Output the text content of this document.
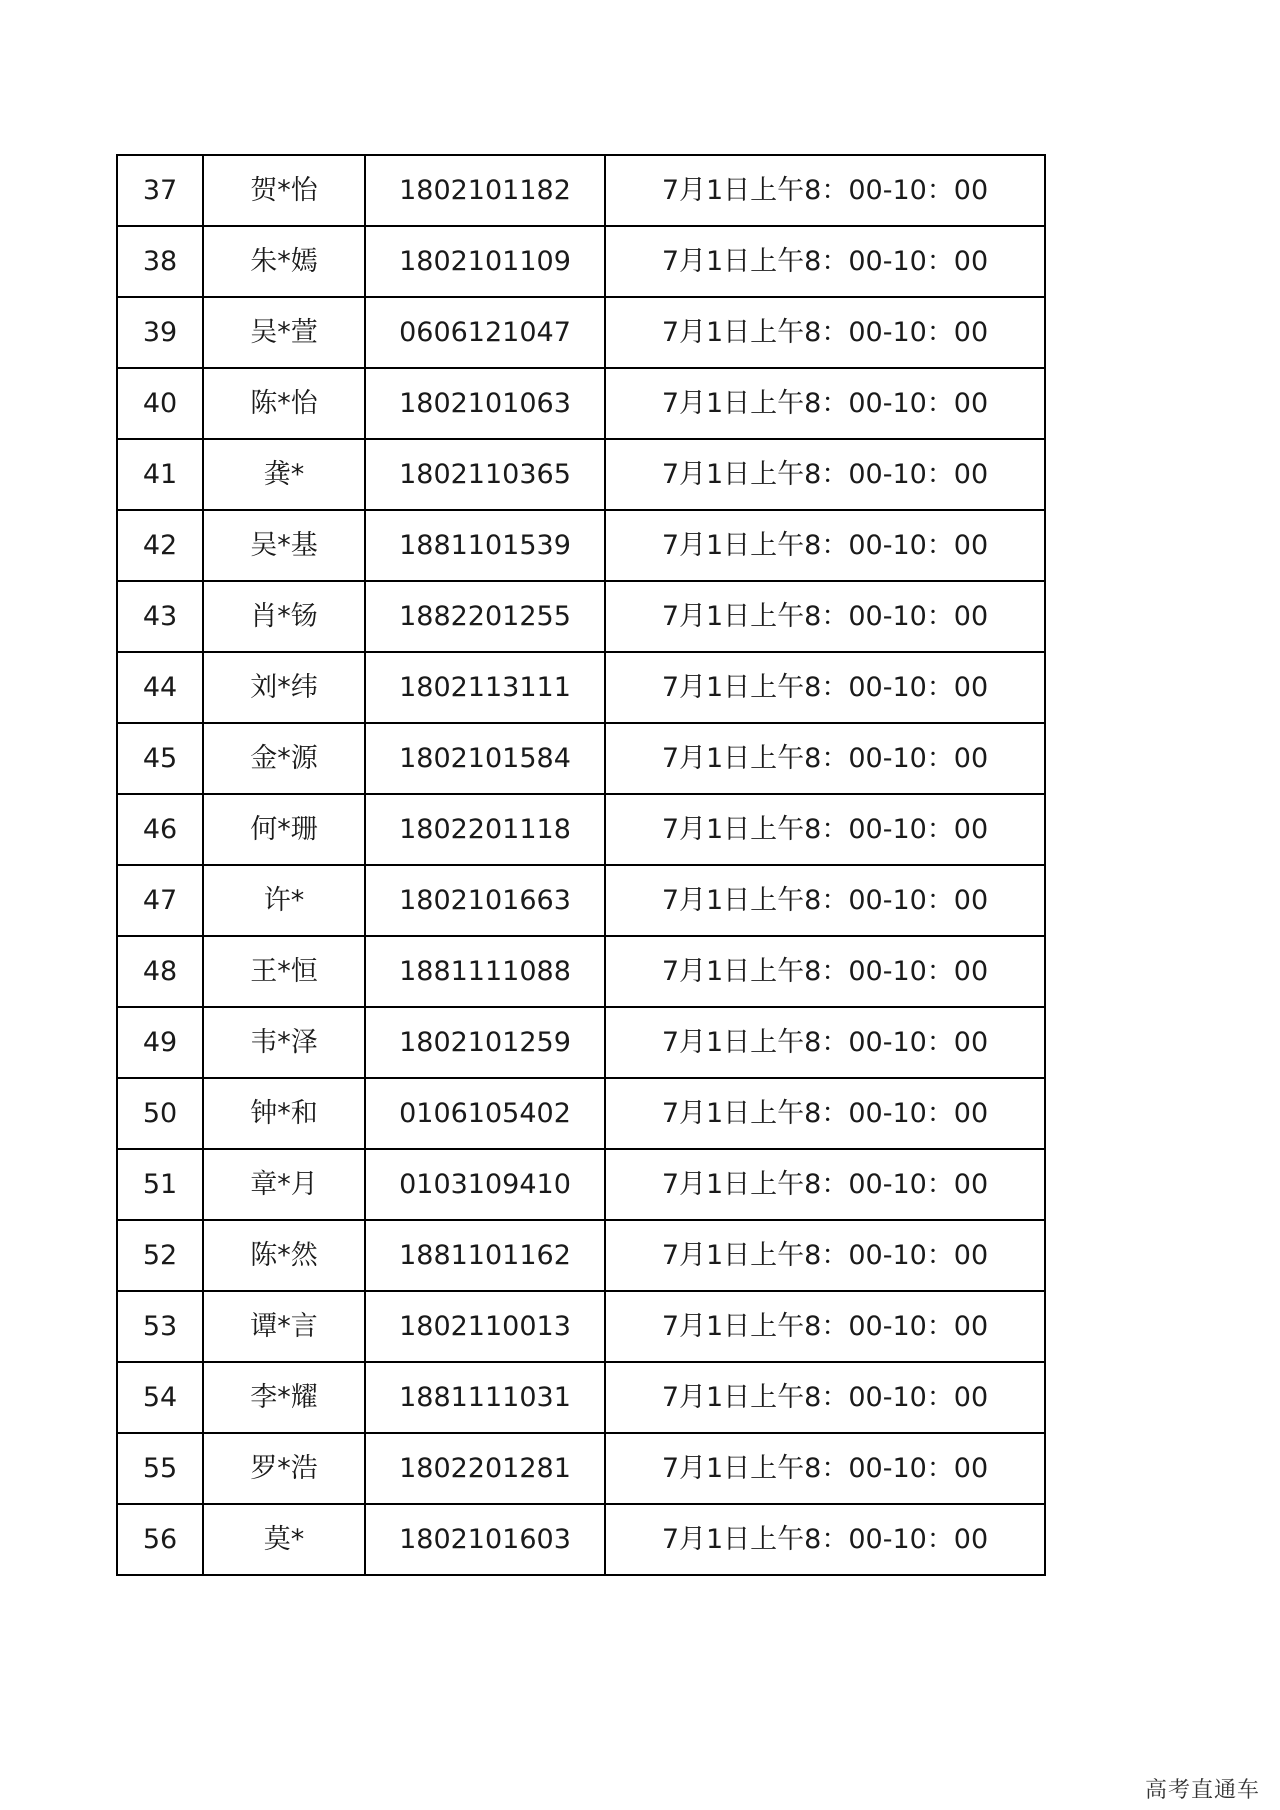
37	贺*怡	1802101182	7月1日上午8：00-10：00
38	朱*嫣	1802101109	7月1日上午8：00-10：00
39	吴*萱	0606121047	7月1日上午8：00-10：00
40	陈*怡	1802101063	7月1日上午8：00-10：00
41	龚*	1802110365	7月1日上午8：00-10：00
42	吴*基	1881101539	7月1日上午8：00-10：00
43	肖*钖	1882201255	7月1日上午8：00-10：00
44	刘*纬	1802113111	7月1日上午8：00-10：00
45	金*源	1802101584	7月1日上午8：00-10：00
46	何*珊	1802201118	7月1日上午8：00-10：00
47	许*	1802101663	7月1日上午8：00-10：00
48	王*恒	1881111088	7月1日上午8：00-10：00
49	韦*泽	1802101259	7月1日上午8：00-10：00
50	钟*和	0106105402	7月1日上午8：00-10：00
51	章*月	0103109410	7月1日上午8：00-10：00
52	陈*然	1881101162	7月1日上午8：00-10：00
53	谭*言	1802110013	7月1日上午8：00-10：00
54	李*耀	1881111031	7月1日上午8：00-10：00
55	罗*浩	1802201281	7月1日上午8：00-10：00
56	莫*	1802101603	7月1日上午8：00-10：00
高考直通车
